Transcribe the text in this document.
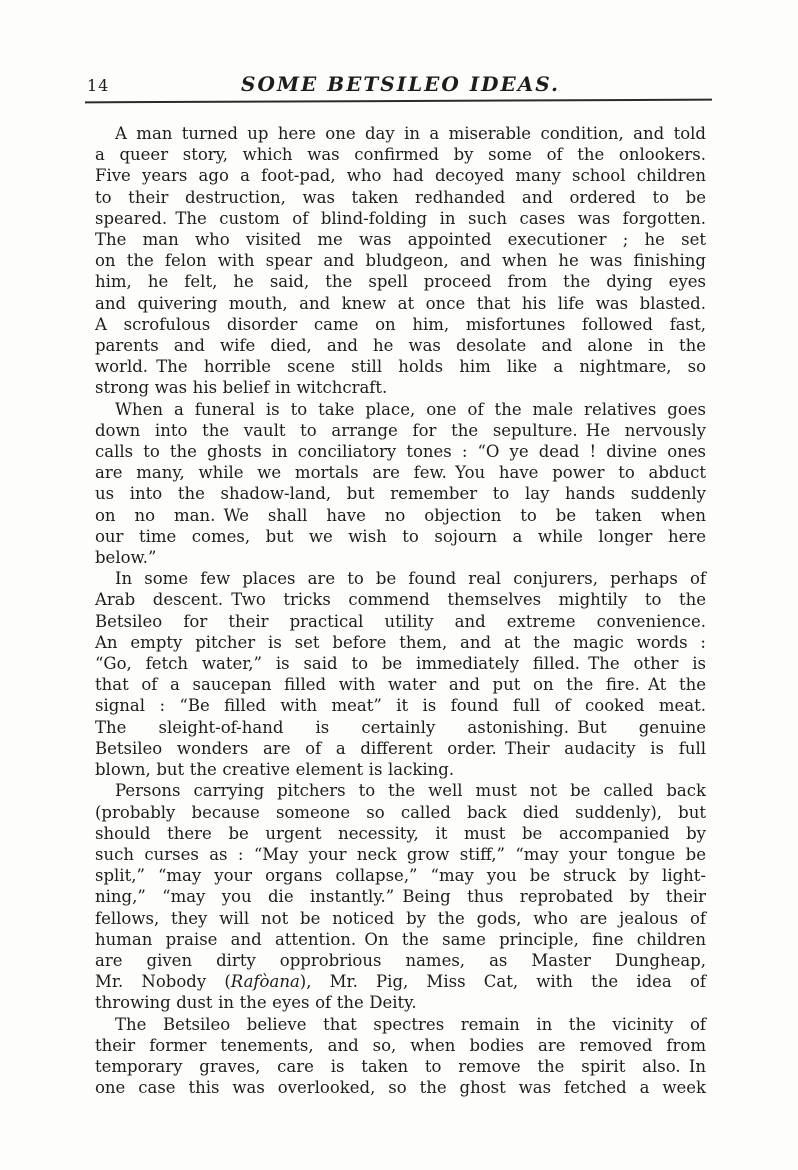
14	SOME BETSILEO IDEAS.

A man turned up here one day in a miserable condition, and told
a queer story, which was confirmed by some of the onlookers.
Five years ago a foot-pad, who had decoyed many school children
to their destruction, was taken redhanded and ordered to be
speared. The custom of blind-folding in such cases was forgotten.
The man who visited me was appointed executioner ; he set
on the felon with spear and bludgeon, and when he was finishing
him, he felt, he said, the spell proceed from the dying eyes
and quivering mouth, and knew at once that his life was blasted.
A scrofulous disorder came on him, misfortunes followed fast,
parents and wife died, and he was desolate and alone in the
world. The horrible scene still holds him like a nightmare, so
strong was his belief in witchcraft.

When a funeral is to take place, one of the male relatives goes
down into the vault to arrange for the sepulture. He nervously
calls to the ghosts in conciliatory tones : “O ye dead ! divine ones
are many, while we mortals are few. You have power to abduct
us into the shadow-land, but remember to lay hands suddenly
on no man. We shall have no objection to be taken when
our time comes, but we wish to sojourn a while longer here
below.”

In some few places are to be found real conjurers, perhaps of
Arab descent. Two tricks commend themselves mightily to the
Betsileo for their practical utility and extreme convenience.
An empty pitcher is set before them, and at the magic words :
“Go, fetch water,” is said to be immediately filled. The other is
that of a saucepan filled with water and put on the fire. At the
signal : “Be filled with meat” it is found full of cooked meat.
The sleight-of-hand is certainly astonishing. But genuine
Betsileo wonders are of a different order. Their audacity is full
blown, but the creative element is lacking.

Persons carrying pitchers to the well must not be called back
(probably because someone so called back died suddenly), but
should there be urgent necessity, it must be accompanied by
such curses as : “May your neck grow stiff,” “may your tongue be
split,” “may your organs collapse,” “may you be struck by light-
ning,” “may you die instantly.” Being thus reprobated by their
fellows, they will not be noticed by the gods, who are jealous of
human praise and attention. On the same principle, fine children
are given dirty opprobrious names, as Master Dungheap,
Mr. Nobody (Rafòana), Mr. Pig, Miss Cat, with the idea of
throwing dust in the eyes of the Deity.

The Betsileo believe that spectres remain in the vicinity of
their former tenements, and so, when bodies are removed from
temporary graves, care is taken to remove the spirit also. In
one case this was overlooked, so the ghost was fetched a week
